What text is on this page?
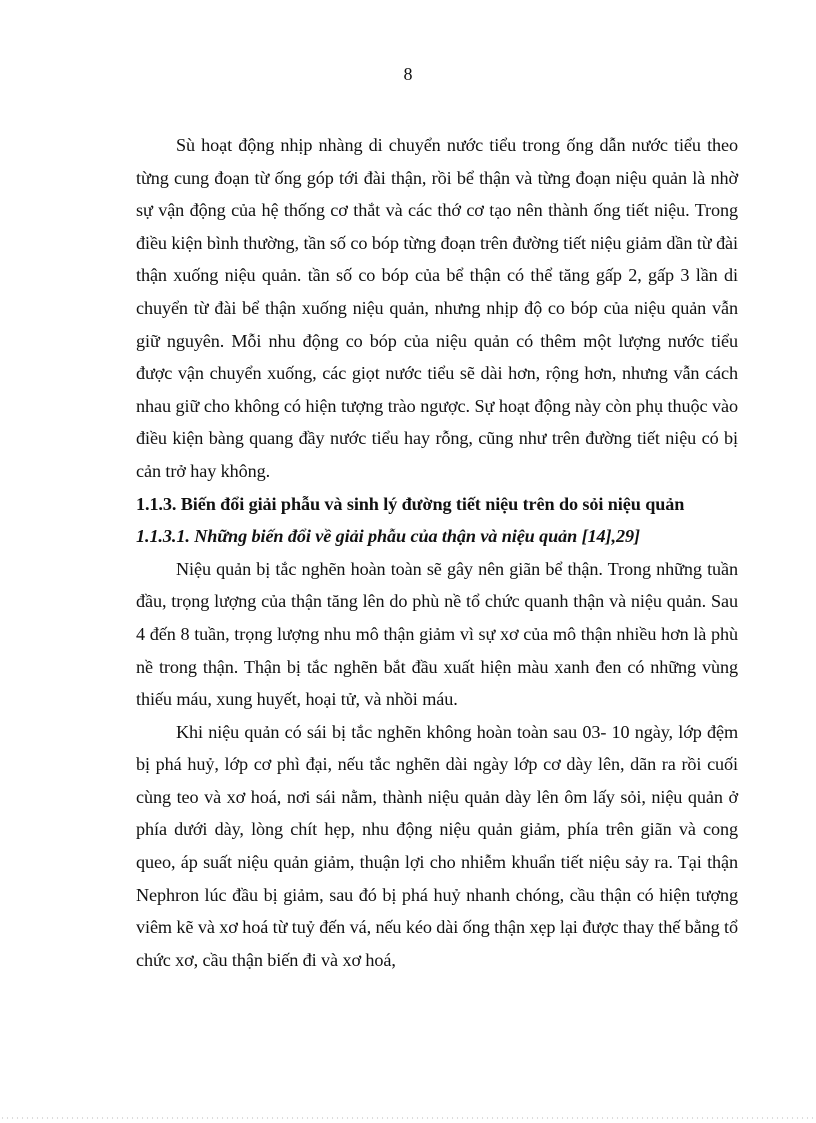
8

Sù hoạt động nhịp nhàng di chuyển nước tiểu trong ống dẫn nước tiểu theo từng cung đoạn từ ống góp tới đài thận, rồi bể thận và từng đoạn niệu quản là nhờ sự vận động của hệ thống cơ thắt và các thớ cơ tạo nên thành ống tiết niệu. Trong điều kiện bình thường, tần số co bóp từng đoạn trên đường tiết niệu giảm dần từ đài thận xuống niệu quản. tần số co bóp của bể thận có thể tăng gấp 2, gấp 3 lần di chuyển từ đài bể thận xuống niệu quản, nhưng nhịp độ co bóp của niệu quản vẫn giữ nguyên. Mỗi nhu động co bóp của niệu quản có thêm một lượng nước tiểu được vận chuyển xuống, các giọt nước tiểu sẽ dài hơn, rộng hơn, nhưng vẫn cách nhau giữ cho không có hiện tượng trào ngược. Sự hoạt động này còn phụ thuộc vào điều kiện bàng quang đầy nước tiểu hay rỗng, cũng như trên đường tiết niệu có bị cản trở hay không.

1.1.3. Biến đổi giải phẫu và sinh lý đường tiết niệu trên do sỏi niệu quản

1.1.3.1. Những biến đổi về giải phẫu của thận và niệu quản [14],29]

Niệu quản bị tắc nghẽn hoàn toàn sẽ gây nên giãn bể thận. Trong những tuần đầu, trọng lượng của thận tăng lên do phù nề tổ chức quanh thận và niệu quản. Sau 4 đến 8 tuần, trọng lượng nhu mô thận giảm vì sự xơ của mô thận nhiều hơn là phù nề trong thận. Thận bị tắc nghẽn bắt đầu xuất hiện màu xanh đen có những vùng thiếu máu, xung huyết, hoại tử, và nhồi máu.

Khi niệu quản có sái bị tắc nghẽn không hoàn toàn sau 03- 10 ngày, lớp đệm bị phá huỷ, lớp cơ phì đại, nếu tắc nghẽn dài ngày lớp cơ dày lên, dãn ra rồi cuối cùng teo và xơ hoá, nơi sái nằm, thành niệu quản dày lên ôm lấy sỏi, niệu quản ở phía dưới dày, lòng chít hẹp, nhu động niệu quản giảm, phía trên giãn và cong queo, áp suất niệu quản giảm, thuận lợi cho nhiễm khuẩn tiết niệu sảy ra. Tại thận Nephron lúc đầu bị giảm, sau đó bị phá huỷ nhanh chóng, cầu thận có hiện tượng viêm kẽ và xơ hoá từ tuỷ đến vá, nếu kéo dài ống thận xẹp lại được thay thế bằng tổ chức xơ, cầu thận biến đi và xơ hoá,
